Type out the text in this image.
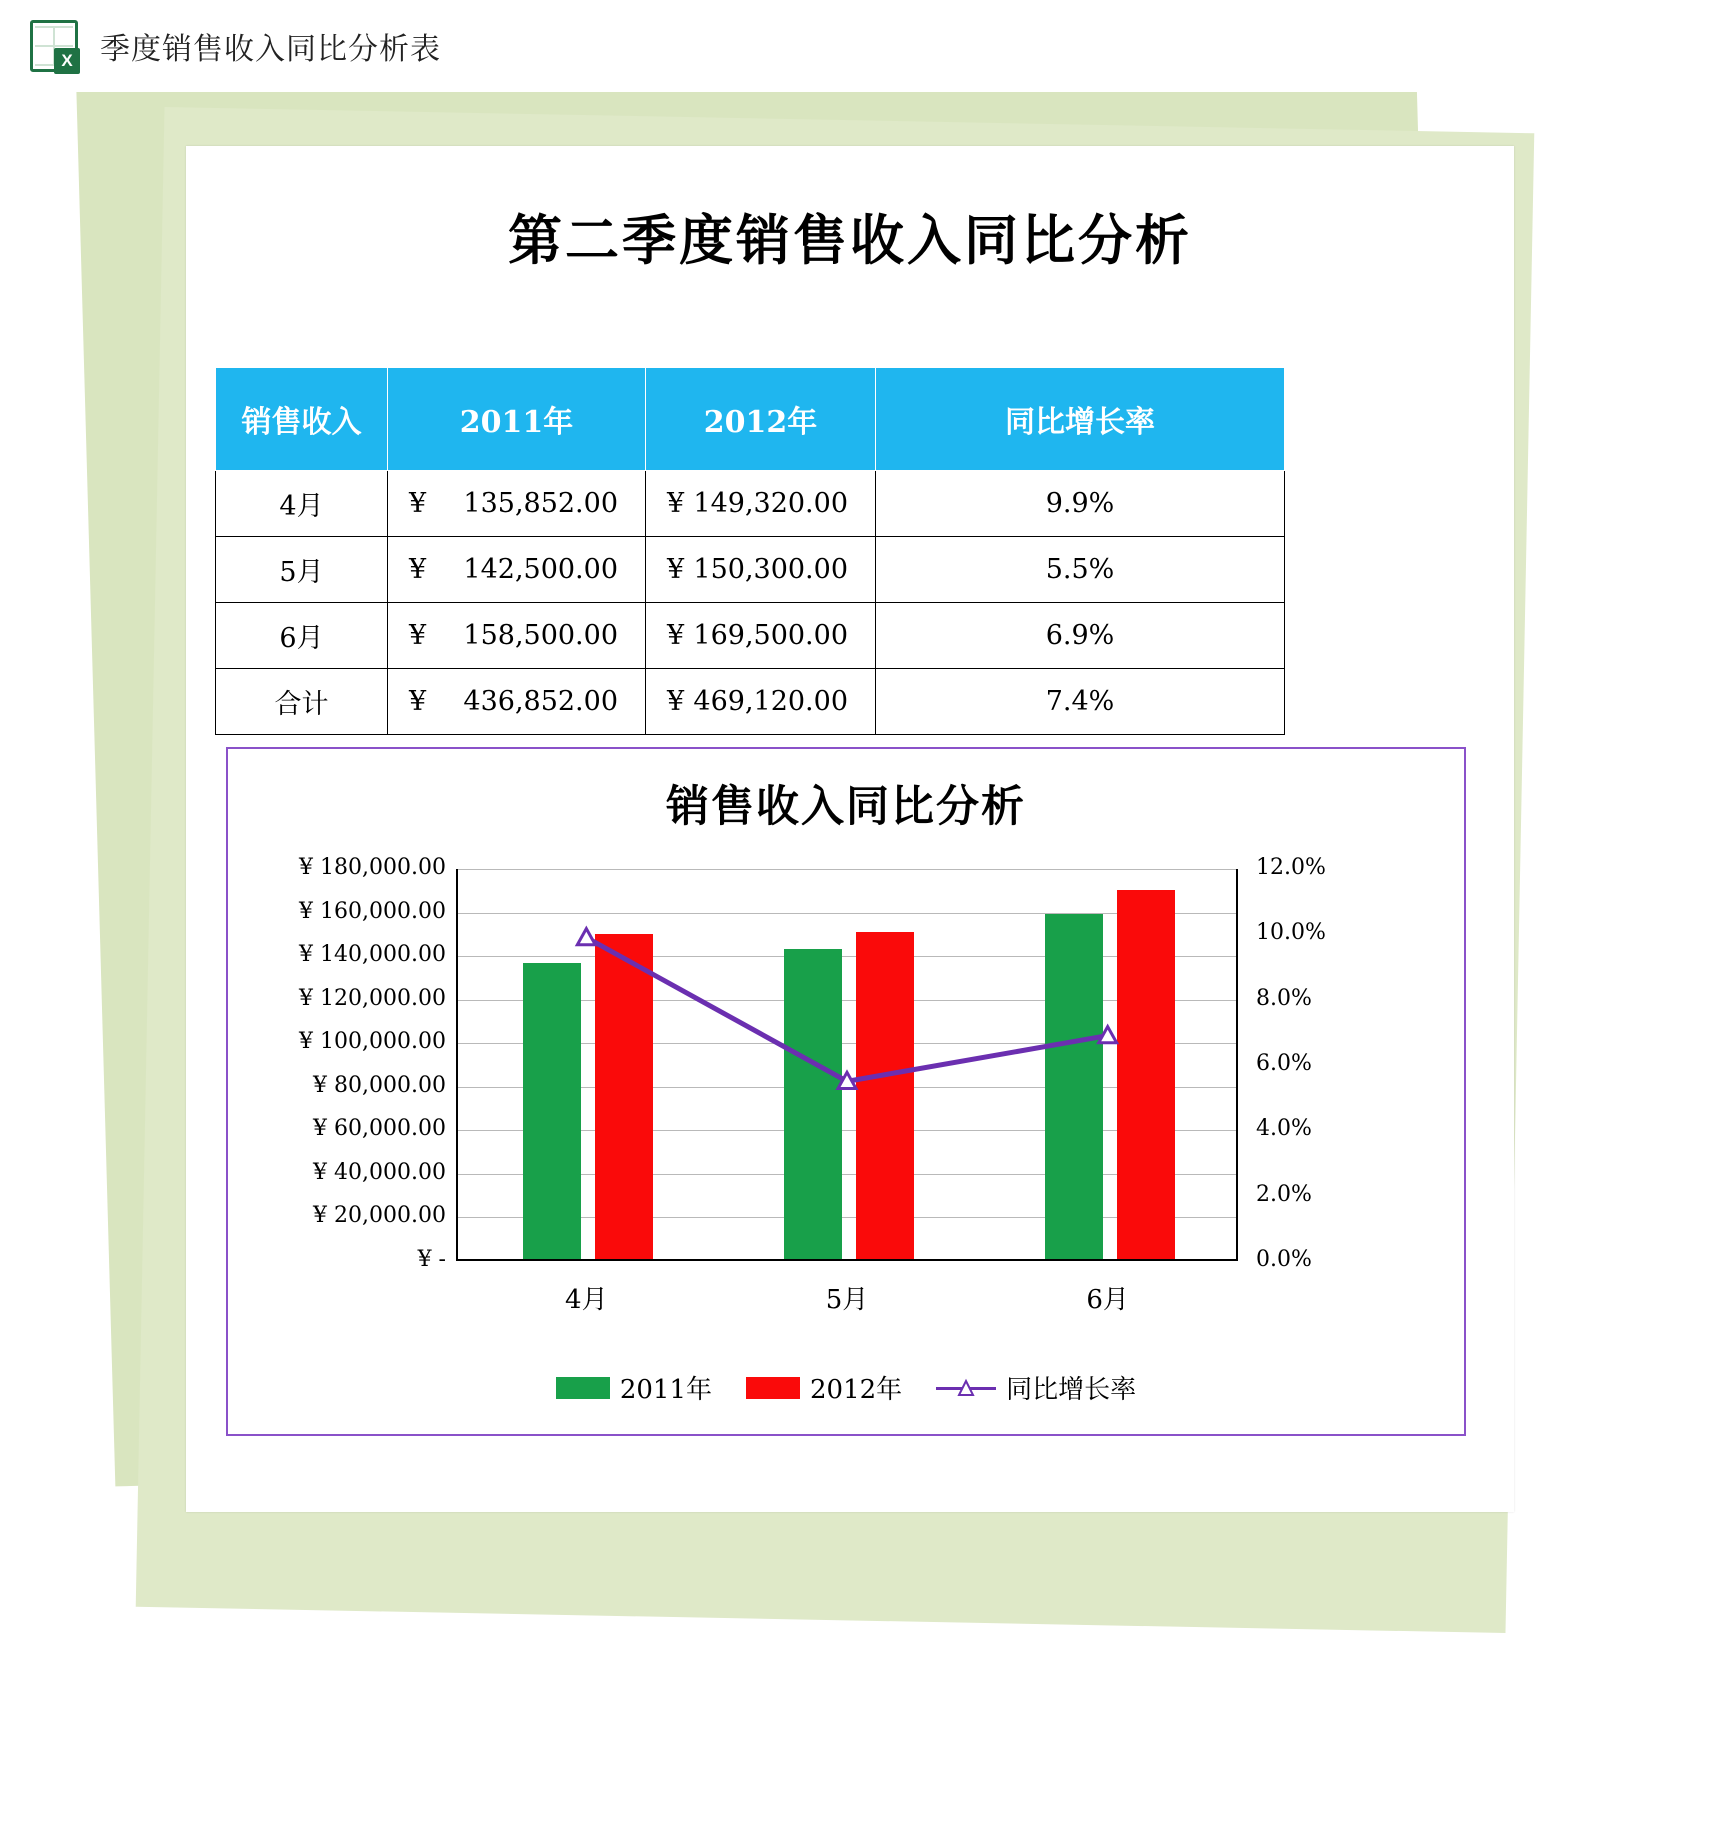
X 季度销售收入同比分析表
第二季度销售收入同比分析
销售收入	2011年	2012年	同比增长率
4月	¥ 135,852.00	¥ 149,320.00	9.9%
5月	¥ 142,500.00	¥ 150,300.00	5.5%
6月	¥ 158,500.00	¥ 169,500.00	6.9%
合计	¥ 436,852.00	¥ 469,120.00	7.4%
销售收入同比分析
¥ 180,000.00
¥ 160,000.00
¥ 140,000.00
¥ 120,000.00
¥ 100,000.00
¥ 80,000.00
¥ 60,000.00
¥ 40,000.00
¥ 20,000.00
¥ -
12.0%
10.0%
8.0%
6.0%
4.0%
2.0%
0.0%
4月	5月	6月
2011年	2012年	同比增长率
